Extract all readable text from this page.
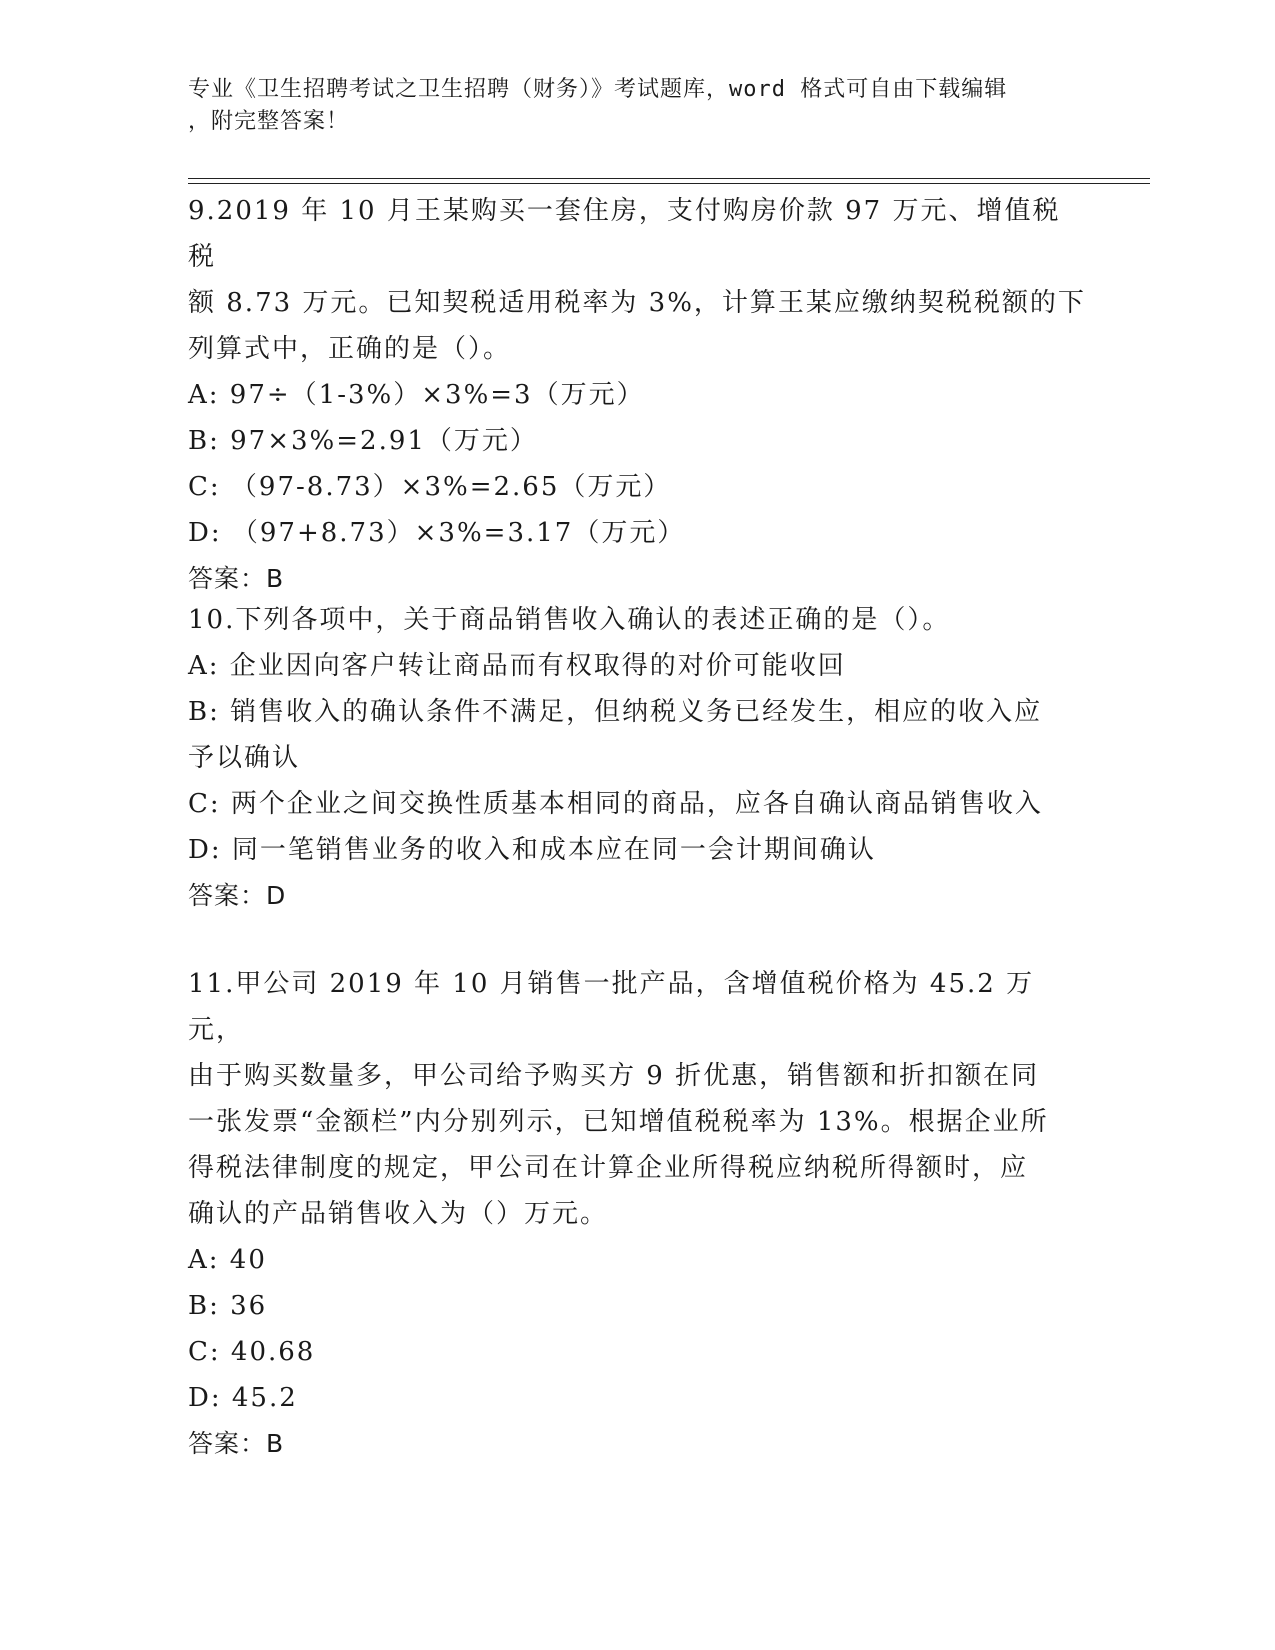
专业《卫生招聘考试之卫生招聘（财务）》考试题库，word 格式可自由下载编辑
，附完整答案！

9.2019 年 10 月王某购买一套住房，支付购房价款 97 万元、增值税税

额 8.73 万元。已知契税适用税率为 3%，计算王某应缴纳契税税额的下

列算式中，正确的是（）。

A: 97÷（1-3%）×3%=3（万元）

B: 97×3%=2.91（万元）

C: （97-8.73）×3%=2.65（万元）

D: （97+8.73）×3%=3.17（万元）

答案：B

10.下列各项中，关于商品销售收入确认的表述正确的是（）。

A: 企业因向客户转让商品而有权取得的对价可能收回

B: 销售收入的确认条件不满足，但纳税义务已经发生，相应的收入应

予以确认

C: 两个企业之间交换性质基本相同的商品，应各自确认商品销售收入

D: 同一笔销售业务的收入和成本应在同一会计期间确认

答案：D

11.甲公司 2019 年 10 月销售一批产品，含增值税价格为 45.2 万元，

由于购买数量多，甲公司给予购买方 9 折优惠，销售额和折扣额在同

一张发票“金额栏”内分别列示，已知增值税税率为 13%。根据企业所

得税法律制度的规定，甲公司在计算企业所得税应纳税所得额时，应

确认的产品销售收入为（）万元。

A: 40

B: 36

C: 40.68

D: 45.2

答案：B
